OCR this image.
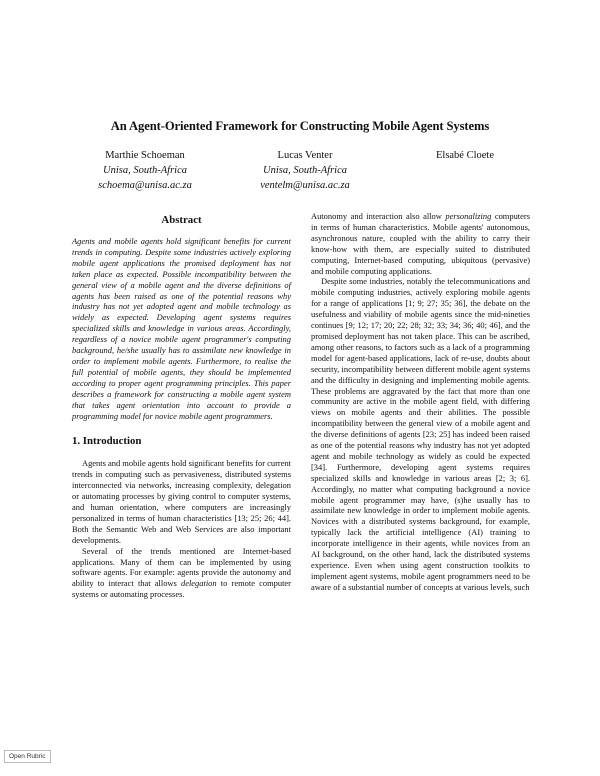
An Agent-Oriented Framework for Constructing Mobile Agent Systems
Marthie Schoeman
Unisa, South-Africa
schoema@unisa.ac.za
Lucas Venter
Unisa, South-Africa
ventelm@unisa.ac.za
Elsabé Cloete
Abstract

Agents and mobile agents hold significant benefits for current trends in computing. Despite some industries actively exploring mobile agent applications the promised deployment has not taken place as expected. Possible incompatibility between the general view of a mobile agent and the diverse definitions of agents has been raised as one of the potential reasons why industry has not yet adopted agent and mobile technology as widely as expected. Developing agent systems requires specialized skills and knowledge in various areas. Accordingly, regardless of a novice mobile agent programmer's computing background, he/she usually has to assimilate new knowledge in order to implement mobile agents. Furthermore, to realise the full potential of mobile agents, they should be implemented according to proper agent programming principles. This paper describes a framework for constructing a mobile agent system that takes agent orientation into account to provide a programming model for novice mobile agent programmers.

1. Introduction

Agents and mobile agents hold significant benefits for current trends in computing such as pervasiveness, distributed systems interconnected via networks, increasing complexity, delegation or automating processes by giving control to computer systems, and human orientation, where computers are increasingly personalized in terms of human characteristics [13; 25; 26; 44]. Both the Semantic Web and Web Services are also important developments.

Several of the trends mentioned are Internet-based applications. Many of them can be implemented by using software agents. For example: agents provide the autonomy and ability to interact that allows delegation to remote computer systems or automating processes.

Autonomy and interaction also allow personalizing computers in terms of human characteristics. Mobile agents' autonomous, asynchronous nature, coupled with the ability to carry their know-how with them, are especially suited to distributed computing, Internet-based computing, ubiquitous (pervasive) and mobile computing applications.

Despite some industries, notably the telecommunications and mobile computing industries, actively exploring mobile agents for a range of applications [1; 9; 27; 35; 36], the debate on the usefulness and viability of mobile agents since the mid-nineties continues [9; 12; 17; 20; 22; 28; 32; 33; 34; 36; 40; 46], and the promised deployment has not taken place. This can be ascribed, among other reasons, to factors such as a lack of a programming model for agent-based applications, lack of re-use, doubts about security, incompatibility between different mobile agent systems and the difficulty in designing and implementing mobile agents. These problems are aggravated by the fact that more than one community are active in the mobile agent field, with differing views on mobile agents and their abilities. The possible incompatibility between the general view of a mobile agent and the diverse definitions of agents [23; 25] has indeed been raised as one of the potential reasons why industry has not yet adopted agent and mobile technology as widely as could be expected [34]. Furthermore, developing agent systems requires specialized skills and knowledge in various areas [2; 3; 6]. Accordingly, no matter what computing background a novice mobile agent programmer may have, (s)he usually has to assimilate new knowledge in order to implement mobile agents. Novices with a distributed systems background, for example, typically lack the artificial intelligence (AI) training to incorporate intelligence in their agents, while novices from an AI background, on the other hand, lack the distributed systems experience. Even when using agent construction toolkits to implement agent systems, mobile agent programmers need to be aware of a substantial number of concepts at various levels, such

Open Rubric
